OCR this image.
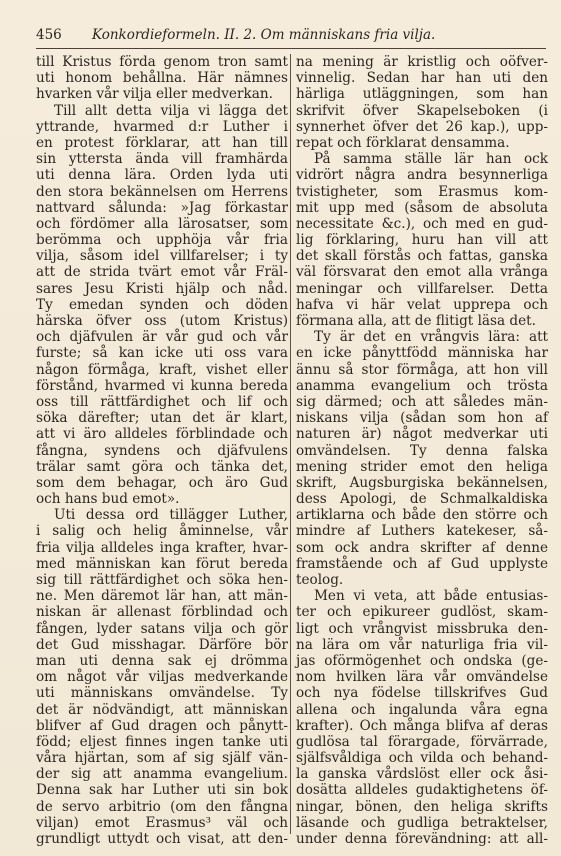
456 Konkordieformeln. II. 2. Om människans fria vilja.
till Kristus förda genom tron samt
uti honom behållna. Här nämnes
hvarken vår vilja eller medverkan.
Till allt detta vilja vi lägga det
yttrande, hvarmed d:r Luther i
en protest förklarar, att han till
sin yttersta ända vill framhärda
uti denna lära. Orden lyda uti
den stora bekännelsen om Herrens
nattvard sålunda: »Jag förkastar
och fördömer alla lärosatser, som
berömma och upphöja vår fria
vilja, såsom idel villfarelser; i ty
att de strida tvärt emot vår Fräl-
sares Jesu Kristi hjälp och nåd.
Ty emedan synden och döden
härska öfver oss (utom Kristus)
och djäfvulen är vår gud och vår
furste; så kan icke uti oss vara
någon förmåga, kraft, vishet eller
förstånd, hvarmed vi kunna bereda
oss till rättfärdighet och lif och
söka därefter; utan det är klart,
att vi äro alldeles förblindade och
fångna, syndens och djäfvulens
trälar samt göra och tänka det,
som dem behagar, och äro Gud
och hans bud emot».
Uti dessa ord tillägger Luther,
i salig och helig åminnelse, vår
fria vilja alldeles inga krafter, hvar-
med människan kan förut bereda
sig till rättfärdighet och söka hen-
ne. Men däremot lär han, att män-
niskan är allenast förblindad och
fången, lyder satans vilja och gör
det Gud misshagar. Därföre bör
man uti denna sak ej drömma
om något vår viljas medverkande
uti människans omvändelse. Ty
det är nödvändigt, att människan
blifver af Gud dragen och pånytt-
född; eljest finnes ingen tanke uti
våra hjärtan, som af sig själf vän-
der sig att anamma evangelium.
Denna sak har Luther uti sin bok
de servo arbitrio (om den fångna
viljan) emot Erasmus³ väl och
grundligt uttydt och visat, att den-
na mening är kristlig och oöfver-
vinnelig. Sedan har han uti den
härliga utläggningen, som han
skrifvit öfver Skapelseboken (i
synnerhet öfver det 26 kap.), upp-
repat och förklarat densamma.
På samma ställe lär han ock
vidrört några andra besynnerliga
tvistigheter, som Erasmus kom-
mit upp med (såsom de absoluta
necessitate &c.), och med en gud-
lig förklaring, huru han vill att
det skall förstås och fattas, ganska
väl försvarat den emot alla vrånga
meningar och villfarelser. Detta
hafva vi här velat upprepa och
förmana alla, att de flitigt läsa det.
Ty är det en vrångvis lära: att
en icke pånyttfödd människa har
ännu så stor förmåga, att hon vill
anamma evangelium och trösta
sig därmed; och att således män-
niskans vilja (sådan som hon af
naturen är) något medverkar uti
omvändelsen. Ty denna falska
mening strider emot den heliga
skrift, Augsburgiska bekännelsen,
dess Apologi, de Schmalkaldiska
artiklarna och både den större och
mindre af Luthers katekeser, så-
som ock andra skrifter af denne
framstående och af Gud upplyste
teolog.
Men vi veta, att både entusias-
ter och epikureer gudlöst, skam-
ligt och vrångvist missbruka den-
na lära om vår naturliga fria vil-
jas oförmögenhet och ondska (ge-
nom hvilken lära vår omvändelse
och nya födelse tillskrifves Gud
allena och ingalunda våra egna
krafter). Och många blifva af deras
gudlösa tal förargade, förvärrade,
själfsvåldiga och vilda och behand-
la ganska vårdslöst eller ock åsi-
dosätta alldeles gudaktighetens öf-
ningar, bönen, den heliga skrifts
läsande och gudliga betraktelser,
under denna förevändning: att all-
